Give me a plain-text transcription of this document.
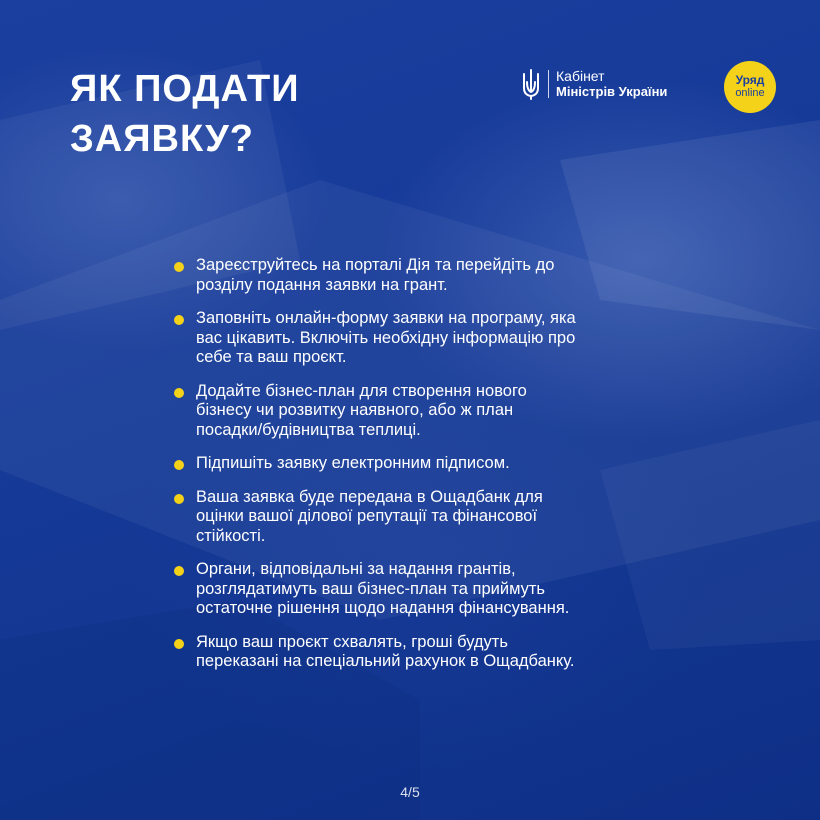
ЯК ПОДАТИ
ЗАЯВКУ?
Кабінет
Міністрів України
Уряд
online
Зареєструйтесь на порталі Дія та перейдіть до
розділу подання заявки на грант.
Заповніть онлайн-форму заявки на програму, яка
вас цікавить. Включіть необхідну інформацію про
себе та ваш проєкт.
Додайте бізнес-план для створення нового
бізнесу чи розвитку наявного, або ж план
посадки/будівництва теплиці.
Підпишіть заявку електронним підписом.
Ваша заявка буде передана в Ощадбанк для
оцінки вашої ділової репутації та фінансової
стійкості.
Органи, відповідальні за надання грантів,
розглядатимуть ваш бізнес-план та приймуть
остаточне рішення щодо надання фінансування.
Якщо ваш проєкт схвалять, гроші будуть
переказані на спеціальний рахунок в Ощадбанку.
4/5
